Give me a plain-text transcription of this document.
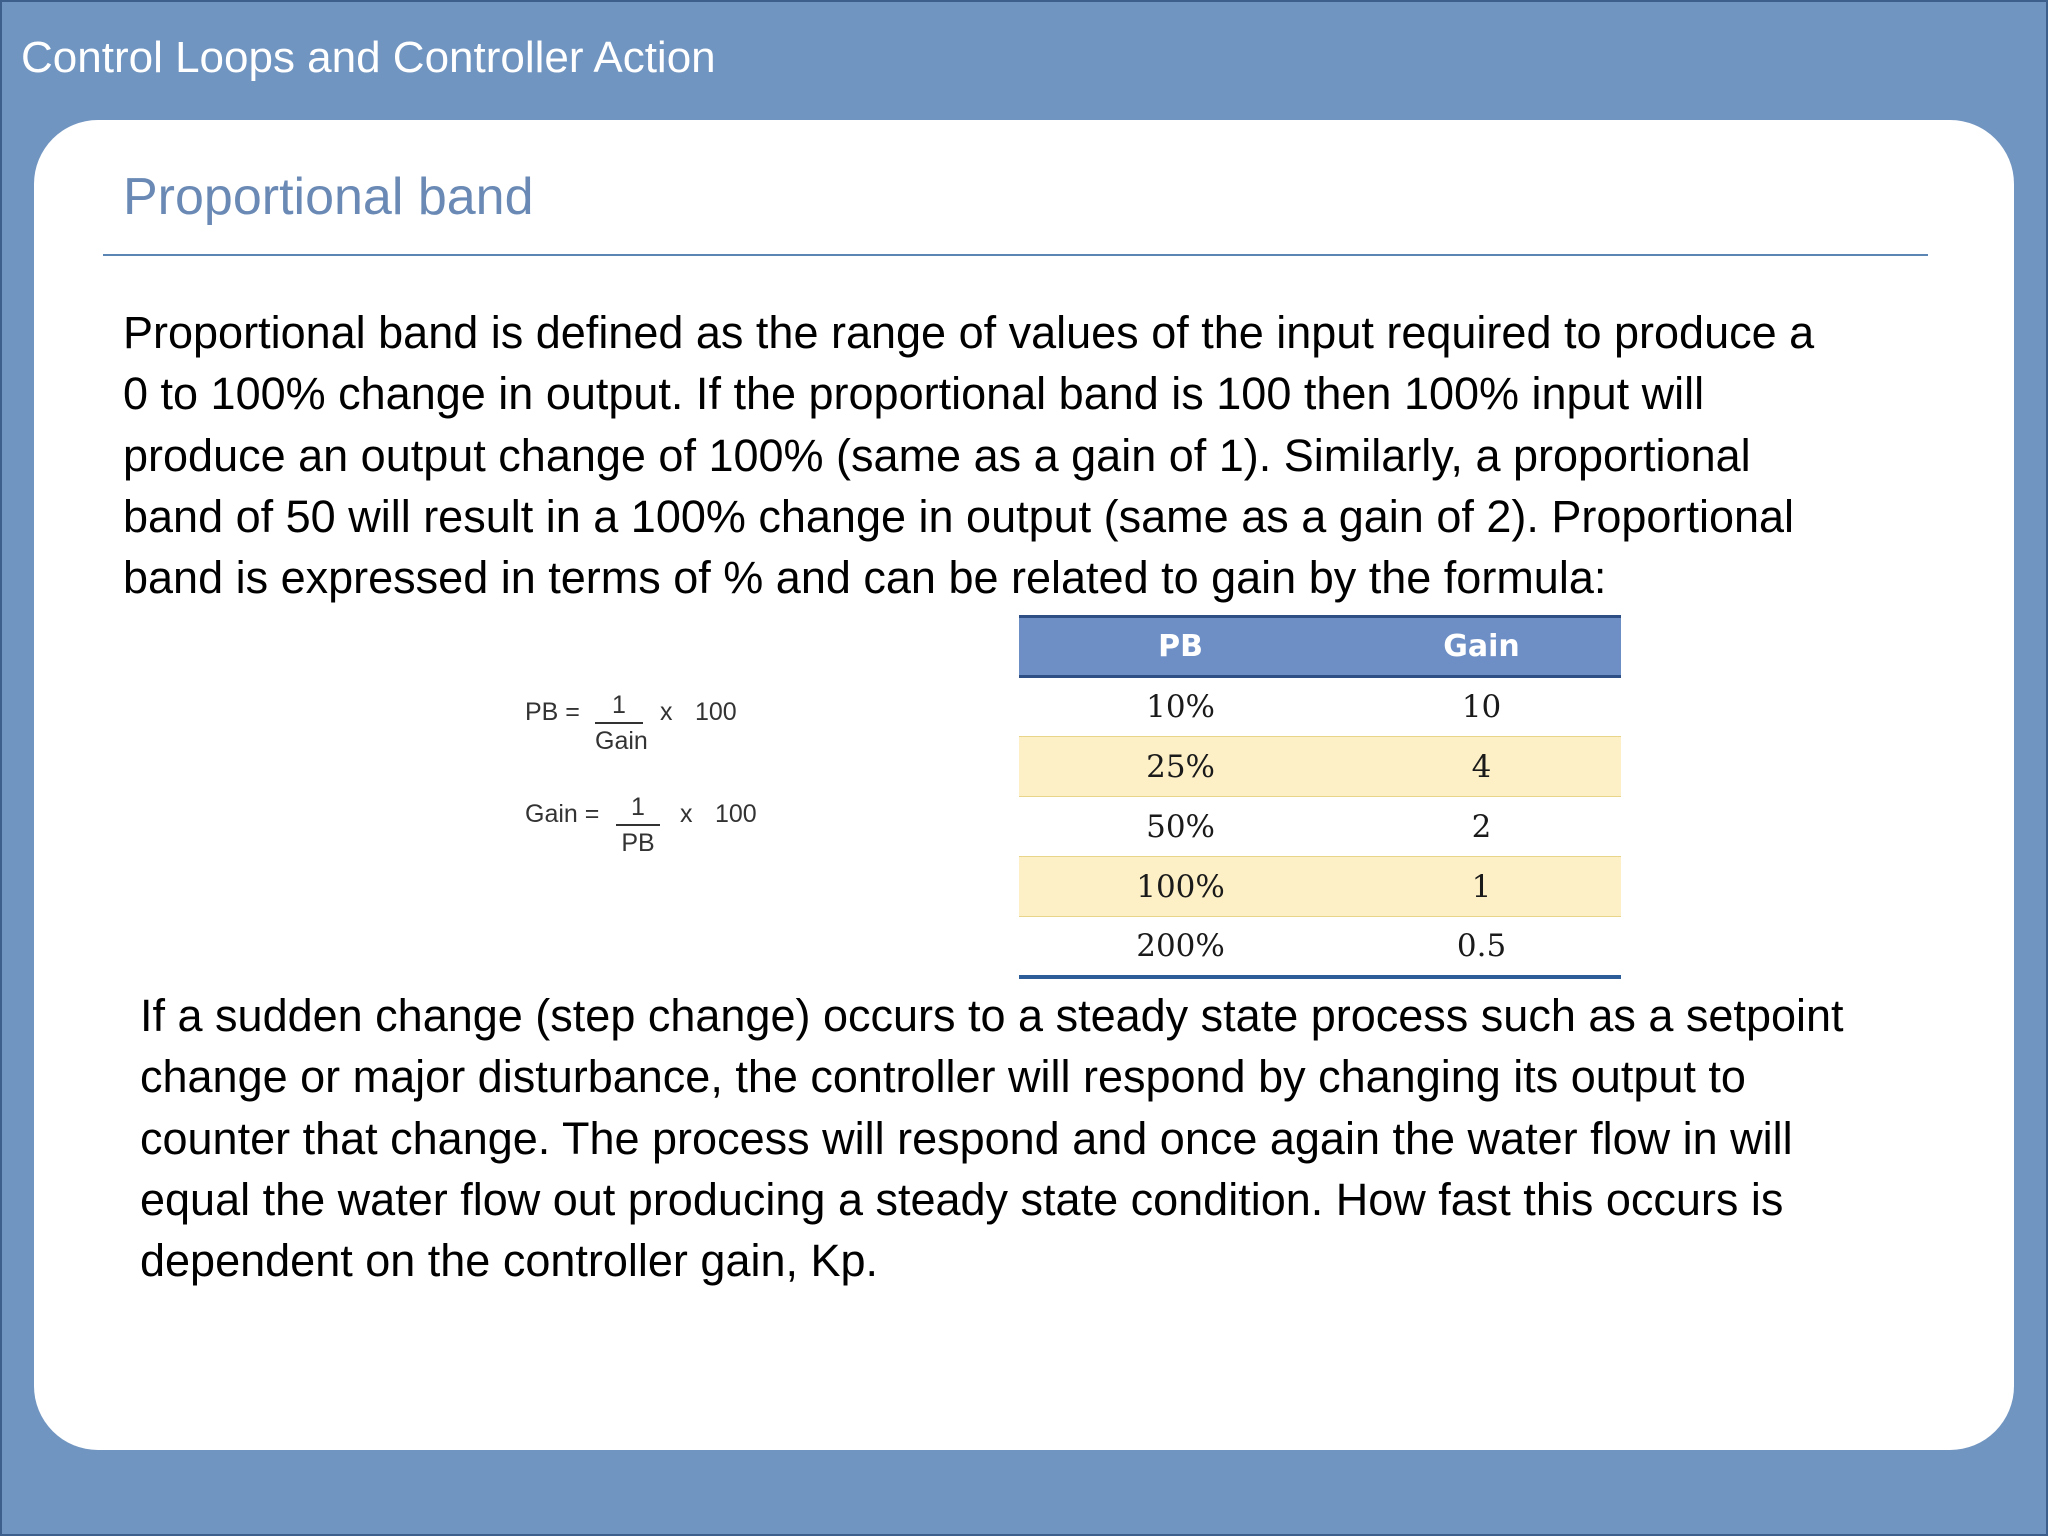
Control Loops and Controller Action
Proportional band
Proportional band is defined as the range of values of the input required to produce a
0 to 100% change in output. If the proportional band is 100 then 100% input will
produce an output change of 100% (same as a gain of 1). Similarly, a proportional
band of 50 will result in a 100% change in output (same as a gain of 2). Proportional
band is expressed in terms of % and can be related to gain by the formula:
PB =	1
Gain
x 100
Gain =	1
PB
x 100
PB	Gain
10%	10
25%	4
50%	2
100%	1
200%	0.5
If a sudden change (step change) occurs to a steady state process such as a setpoint
change or major disturbance, the controller will respond by changing its output to
counter that change. The process will respond and once again the water flow in will
equal the water flow out producing a steady state condition. How fast this occurs is
dependent on the controller gain, Kp.
